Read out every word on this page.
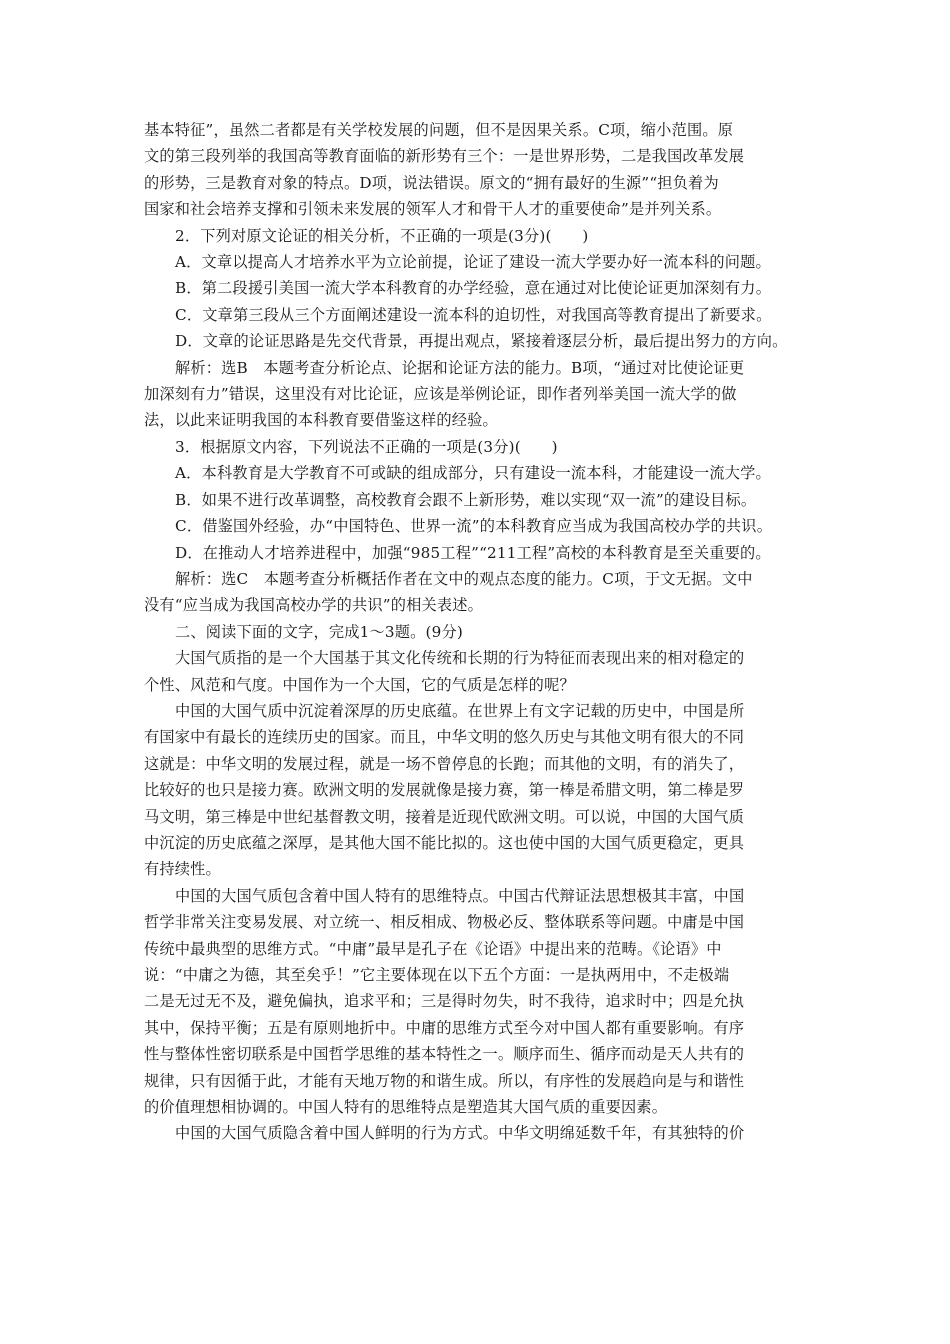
基本特征”，虽然二者都是有关学校发展的问题，但不是因果关系。C项，缩小范围。原
文的第三段列举的我国高等教育面临的新形势有三个：一是世界形势，二是我国改革发展
的形势，三是教育对象的特点。D项，说法错误。原文的“拥有最好的生源”“担负着为
国家和社会培养支撑和引领未来发展的领军人才和骨干人才的重要使命”是并列关系。
2．下列对原文论证的相关分析，不正确的一项是(3分)(　　)
A．文章以提高人才培养水平为立论前提，论证了建设一流大学要办好一流本科的问题。
B．第二段援引美国一流大学本科教育的办学经验，意在通过对比使论证更加深刻有力。
C．文章第三段从三个方面阐述建设一流本科的迫切性，对我国高等教育提出了新要求。
D．文章的论证思路是先交代背景，再提出观点，紧接着逐层分析，最后提出努力的方向。
解析：选B　本题考查分析论点、论据和论证方法的能力。B项，“通过对比使论证更
加深刻有力”错误，这里没有对比论证，应该是举例论证，即作者列举美国一流大学的做
法，以此来证明我国的本科教育要借鉴这样的经验。
3．根据原文内容，下列说法不正确的一项是(3分)(　　)
A．本科教育是大学教育不可或缺的组成部分，只有建设一流本科，才能建设一流大学。
B．如果不进行改革调整，高校教育会跟不上新形势，难以实现“双一流”的建设目标。
C．借鉴国外经验，办“中国特色、世界一流”的本科教育应当成为我国高校办学的共识。
D．在推动人才培养进程中，加强“985工程”“211工程”高校的本科教育是至关重要的。
解析：选C　本题考查分析概括作者在文中的观点态度的能力。C项，于文无据。文中
没有“应当成为我国高校办学的共识”的相关表述。
二、阅读下面的文字，完成1～3题。(9分)
大国气质指的是一个大国基于其文化传统和长期的行为特征而表现出来的相对稳定的
个性、风范和气度。中国作为一个大国，它的气质是怎样的呢？
中国的大国气质中沉淀着深厚的历史底蕴。在世界上有文字记载的历史中，中国是所
有国家中有最长的连续历史的国家。而且，中华文明的悠久历史与其他文明有很大的不同
这就是：中华文明的发展过程，就是一场不曾停息的长跑；而其他的文明，有的消失了，
比较好的也只是接力赛。欧洲文明的发展就像是接力赛，第一棒是希腊文明，第二棒是罗
马文明，第三棒是中世纪基督教文明，接着是近现代欧洲文明。可以说，中国的大国气质
中沉淀的历史底蕴之深厚，是其他大国不能比拟的。这也使中国的大国气质更稳定，更具
有持续性。
中国的大国气质包含着中国人特有的思维特点。中国古代辩证法思想极其丰富，中国
哲学非常关注变易发展、对立统一、相反相成、物极必反、整体联系等问题。中庸是中国
传统中最典型的思维方式。“中庸”最早是孔子在《论语》中提出来的范畴。《论语》中
说：“中庸之为德，其至矣乎！”它主要体现在以下五个方面：一是执两用中，不走极端
二是无过无不及，避免偏执，追求平和；三是得时勿失，时不我待，追求时中；四是允执
其中，保持平衡；五是有原则地折中。中庸的思维方式至今对中国人都有重要影响。有序
性与整体性密切联系是中国哲学思维的基本特性之一。顺序而生、循序而动是天人共有的
规律，只有因循于此，才能有天地万物的和谐生成。所以，有序性的发展趋向是与和谐性
的价值理想相协调的。中国人特有的思维特点是塑造其大国气质的重要因素。
中国的大国气质隐含着中国人鲜明的行为方式。中华文明绵延数千年，有其独特的价
